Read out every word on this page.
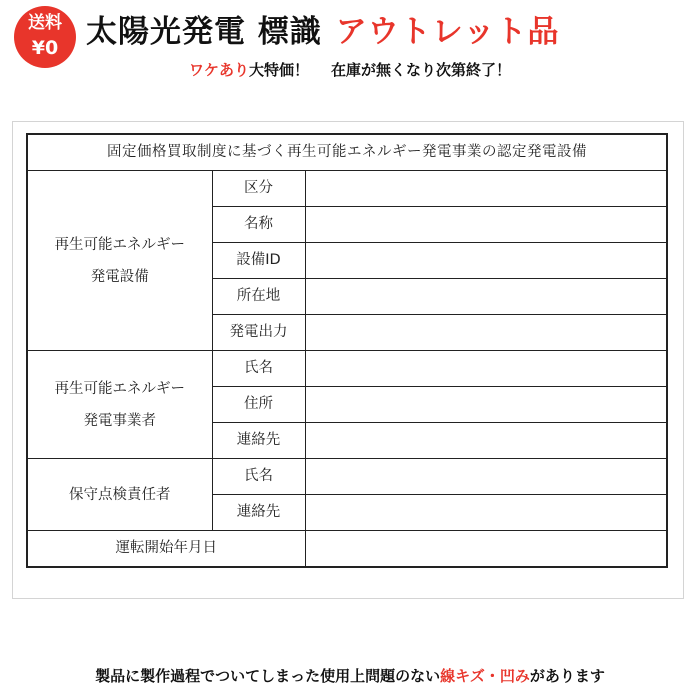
送料
¥0 太陽光発電 標識 アウトレット品
ワケあり大特価！ 在庫が無くなり次第終了！
固定価格買取制度に基づく再生可能エネルギー発電事業の認定発電設備		

再生可能エネルギー
発電設備	区分	
	名称	
	設備ID	
	所在地	
	発電出力	

再生可能エネルギー
発電事業者	氏名	
	住所	
	連絡先	
保守点検責任者	氏名	
	連絡先	
運転開始年月日		
製品に製作過程でついてしまった使用上問題のない線キズ・凹みがあります
